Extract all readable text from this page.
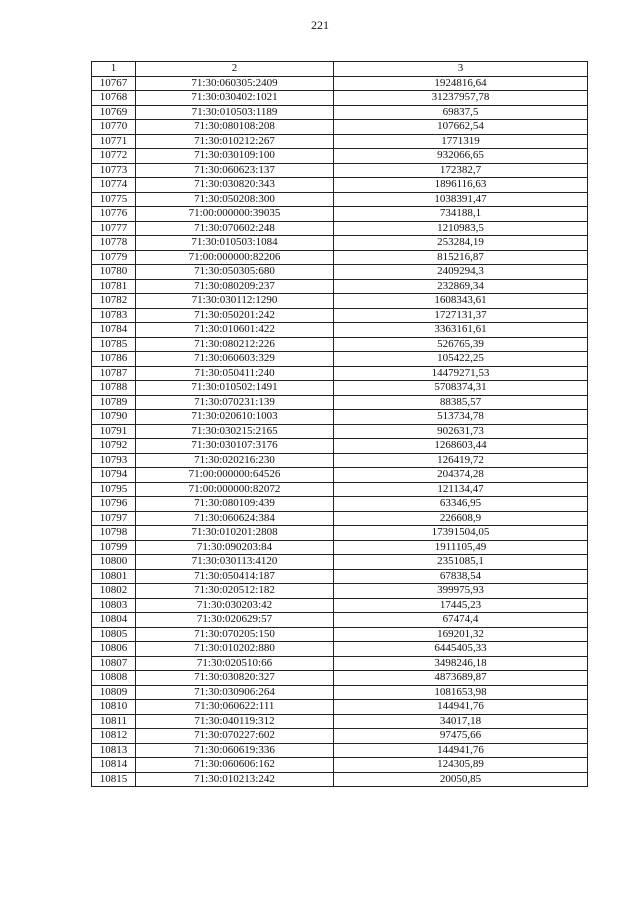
221
1	2	3
10767	71:30:060305:2409	1924816,64
10768	71:30:030402:1021	31237957,78
10769	71:30:010503:1189	69837,5
10770	71:30:080108:208	107662,54
10771	71:30:010212:267	1771319
10772	71:30:030109:100	932066,65
10773	71:30:060623:137	172382,7
10774	71:30:030820:343	1896116,63
10775	71:30:050208:300	1038391,47
10776	71:00:000000:39035	734188,1
10777	71:30:070602:248	1210983,5
10778	71:30:010503:1084	253284,19
10779	71:00:000000:82206	815216,87
10780	71:30:050305:680	2409294,3
10781	71:30:080209:237	232869,34
10782	71:30:030112:1290	1608343,61
10783	71:30:050201:242	1727131,37
10784	71:30:010601:422	3363161,61
10785	71:30:080212:226	526765,39
10786	71:30:060603:329	105422,25
10787	71:30:050411:240	14479271,53
10788	71:30:010502:1491	5708374,31
10789	71:30:070231:139	88385,57
10790	71:30:020610:1003	513734,78
10791	71:30:030215:2165	902631,73
10792	71:30:030107:3176	1268603,44
10793	71:30:020216:230	126419,72
10794	71:00:000000:64526	204374,28
10795	71:00:000000:82072	121134,47
10796	71:30:080109:439	63346,95
10797	71:30:060624:384	226608,9
10798	71:30:010201:2808	17391504,05
10799	71:30:090203:84	1911105,49
10800	71:30:030113:4120	2351085,1
10801	71:30:050414:187	67838,54
10802	71:30:020512:182	399975,93
10803	71:30:030203:42	17445,23
10804	71:30:020629:57	67474,4
10805	71:30:070205:150	169201,32
10806	71:30:010202:880	6445405,33
10807	71:30:020510:66	3498246,18
10808	71:30:030820:327	4873689,87
10809	71:30:030906:264	1081653,98
10810	71:30:060622:111	144941,76
10811	71:30:040119:312	34017,18
10812	71:30:070227:602	97475,66
10813	71:30:060619:336	144941,76
10814	71:30:060606:162	124305,89
10815	71:30:010213:242	20050,85
